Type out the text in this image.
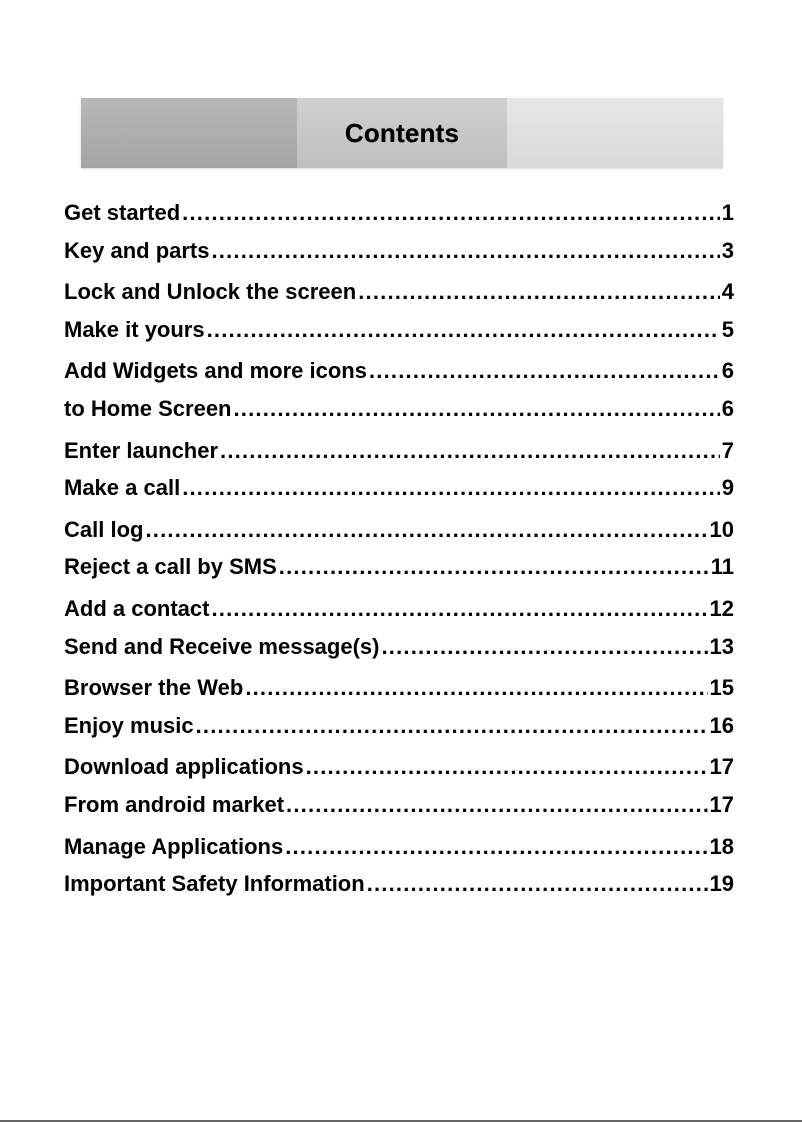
Contents
Get started .....	1
Key and parts .....	3
Lock and Unlock the screen .....	4
Make it yours .....	5
Add Widgets and more icons .....	6
to Home Screen .....	6
Enter launcher .....	7
Make a call .....	9
Call log .....	10
Reject a call by SMS .....	11
Add a contact .....	12
Send and Receive message(s) .....	13
Browser the Web .....	15
Enjoy music .....	16
Download applications .....	17
From android market .....	17
Manage Applications .....	18
Important Safety Information .....	19
